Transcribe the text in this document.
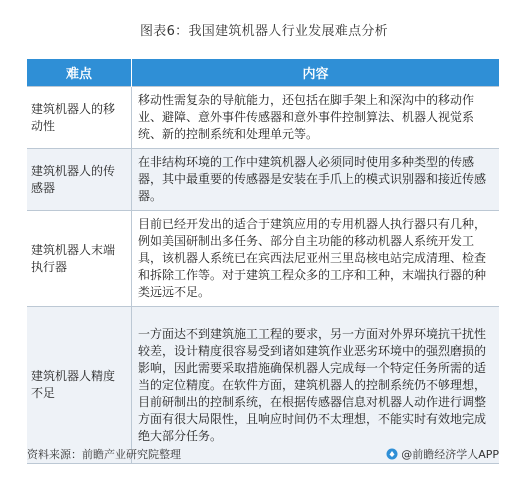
图表6：我国建筑机器人行业发展难点分析
难点	内容
建筑机器人的移动性	移动性需复杂的导航能力，还包括在脚手架上和深沟中的移动作业、避障、意外事件传感器和意外事件控制算法、机器人视觉系统、新的控制系统和处理单元等。
建筑机器人的传感器	在非结构环境的工作中建筑机器人必须同时使用多种类型的传感器，其中最重要的传感器是安装在手爪上的模式识别器和接近传感器。
建筑机器人末端执行器	目前已经开发出的适合于建筑应用的专用机器人执行器只有几种，例如美国研制出多任务、部分自主功能的移动机器人系统开发工具，该机器人系统已在宾西法尼亚州三里岛核电站完成清理、检查和拆除工作等。对于建筑工程众多的工序和工种，末端执行器的种类远远不足。
建筑机器人精度不足	一方面达不到建筑施工工程的要求，另一方面对外界环境抗干扰性较差，设计精度很容易受到诸如建筑作业恶劣环境中的强烈磨损的影响，因此需要采取措施确保机器人完成每一个特定任务所需的适当的定位精度。在软件方面，建筑机器人的控制系统仍不够理想，目前研制出的控制系统，在根据传感器信息对机器人动作进行调整方面有很大局限性，且响应时间仍不太理想，不能实时有效地完成绝大部分任务。
资料来源：前瞻产业研究院整理	@前瞻经济学人APP
